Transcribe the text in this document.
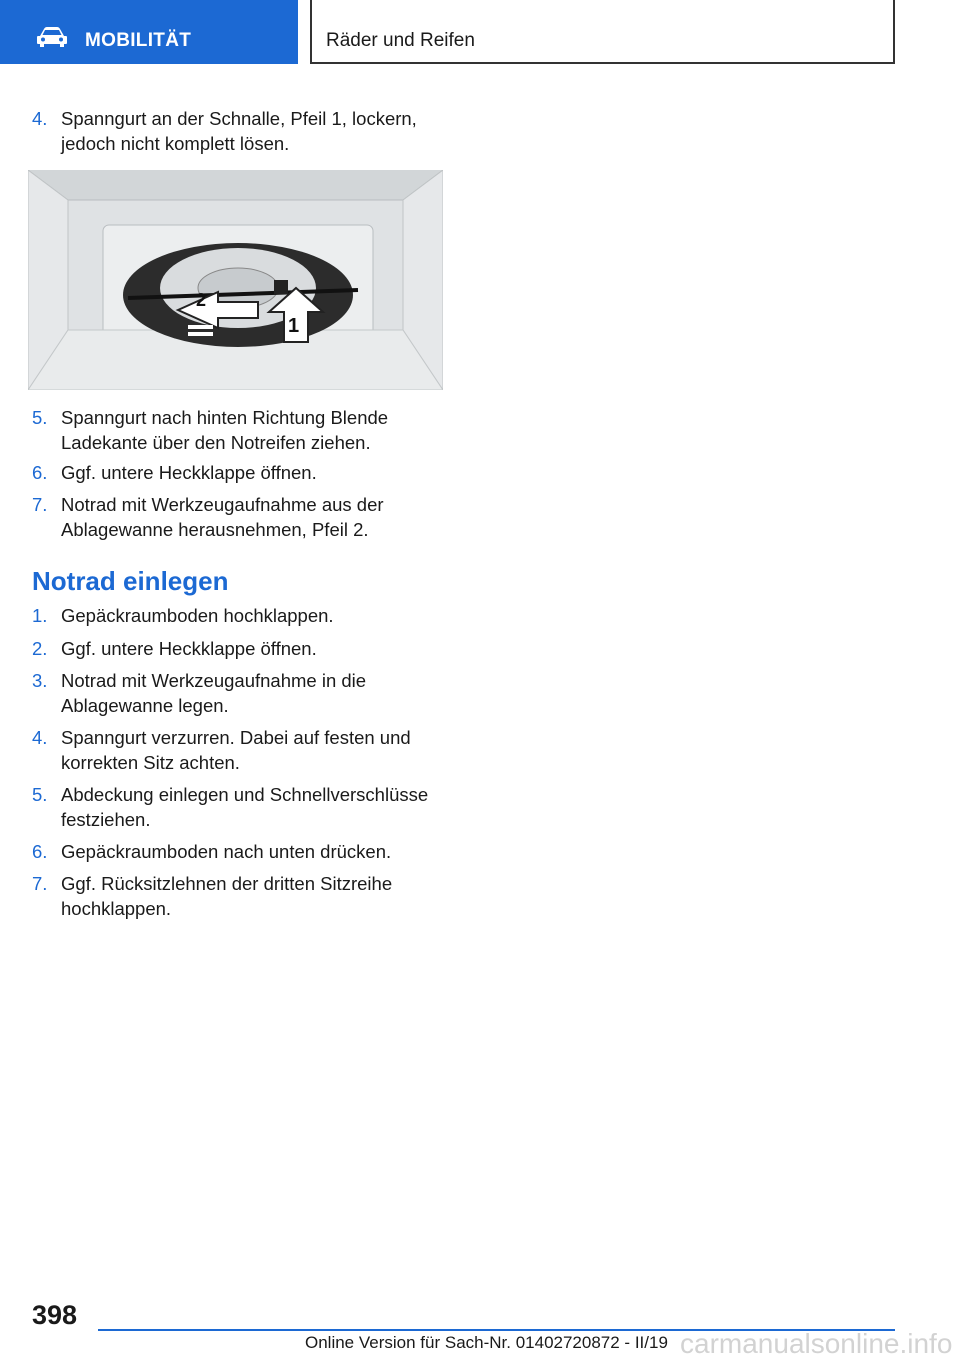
MOBILITÄT	Räder und Reifen
4. Spanngurt an der Schnalle, Pfeil 1, lockern, jedoch nicht komplett lösen.
2
1
5. Spanngurt nach hinten Richtung Blende Ladekante über den Notreifen ziehen.
6. Ggf. untere Heckklappe öffnen.
7. Notrad mit Werkzeugaufnahme aus der Ablagewanne herausnehmen, Pfeil 2.
Notrad einlegen
1. Gepäckraumboden hochklappen.
2. Ggf. untere Heckklappe öffnen.
3. Notrad mit Werkzeugaufnahme in die Ablagewanne legen.
4. Spanngurt verzurren. Dabei auf festen und korrekten Sitz achten.
5. Abdeckung einlegen und Schnellverschlüsse festziehen.
6. Gepäckraumboden nach unten drücken.
7. Ggf. Rücksitzlehnen der dritten Sitzreihe hochklappen.
398
Online Version für Sach-Nr. 01402720872 - II/19 carmanualsonline.info
